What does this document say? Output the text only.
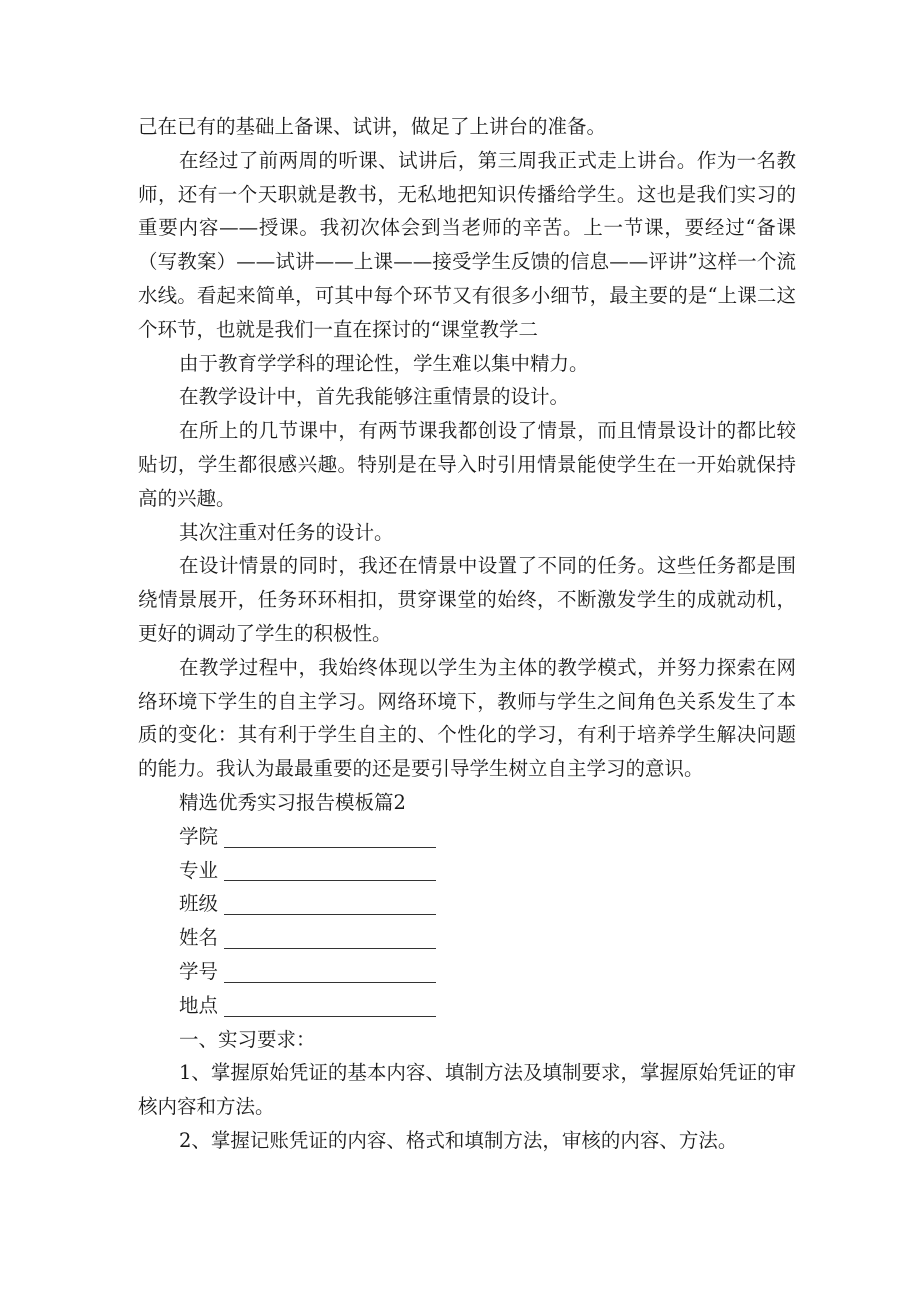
己在已有的基础上备课、试讲，做足了上讲台的准备。

在经过了前两周的听课、试讲后，第三周我正式走上讲台。作为一名教师，还有一个天职就是教书，无私地把知识传播给学生。这也是我们实习的重要内容——授课。我初次体会到当老师的辛苦。上一节课，要经过“备课（写教案）——试讲——上课——接受学生反馈的信息——评讲”这样一个流水线。看起来简单，可其中每个环节又有很多小细节，最主要的是“上课二这个环节，也就是我们一直在探讨的“课堂教学二

由于教育学学科的理论性，学生难以集中精力。

在教学设计中，首先我能够注重情景的设计。

在所上的几节课中，有两节课我都创设了情景，而且情景设计的都比较贴切，学生都很感兴趣。特别是在导入时引用情景能使学生在一开始就保持高的兴趣。

其次注重对任务的设计。

在设计情景的同时，我还在情景中设置了不同的任务。这些任务都是围绕情景展开，任务环环相扣，贯穿课堂的始终，不断激发学生的成就动机，更好的调动了学生的积极性。

在教学过程中，我始终体现以学生为主体的教学模式，并努力探索在网络环境下学生的自主学习。网络环境下，教师与学生之间角色关系发生了本质的变化：其有利于学生自主的、个性化的学习，有利于培养学生解决问题的能力。我认为最最重要的还是要引导学生树立自主学习的意识。

精选优秀实习报告模板篇2

学院
专业
班级
姓名
学号
地点

一、实习要求：

1、掌握原始凭证的基本内容、填制方法及填制要求，掌握原始凭证的审核内容和方法。

2、掌握记账凭证的内容、格式和填制方法，审核的内容、方法。
